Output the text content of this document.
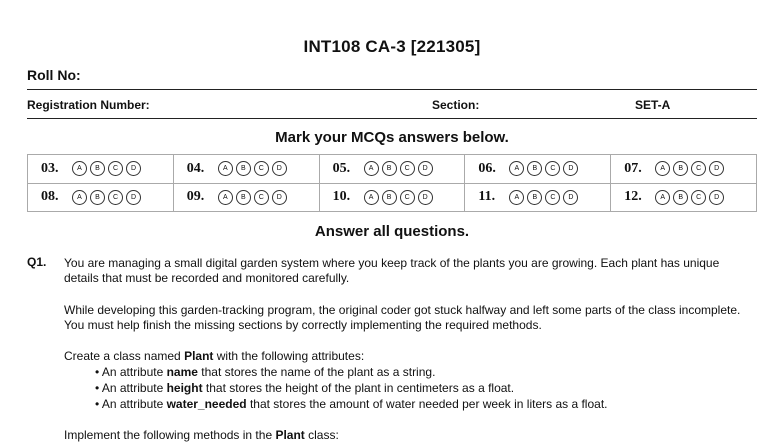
INT108 CA-3 [221305]
Roll No:
Registration Number:	Section:	SET-A
Mark your MCQs answers below.
03. A B C D	04. A B C D	05. A B C D	06. A B C D	07. A B C D
08. A B C D	09. A B C D	10. A B C D	11. A B C D	12. A B C D
Answer all questions.
Q1. You are managing a small digital garden system where you keep track of the plants you are growing. Each plant has unique details that must be recorded and monitored carefully.
While developing this garden-tracking program, the original coder got stuck halfway and left some parts of the class incomplete. You must help finish the missing sections by correctly implementing the required methods.
Create a class named Plant with the following attributes:
• An attribute name that stores the name of the plant as a string.
• An attribute height that stores the height of the plant in centimeters as a float.
• An attribute water_needed that stores the amount of water needed per week in liters as a float.
Implement the following methods in the Plant class:
